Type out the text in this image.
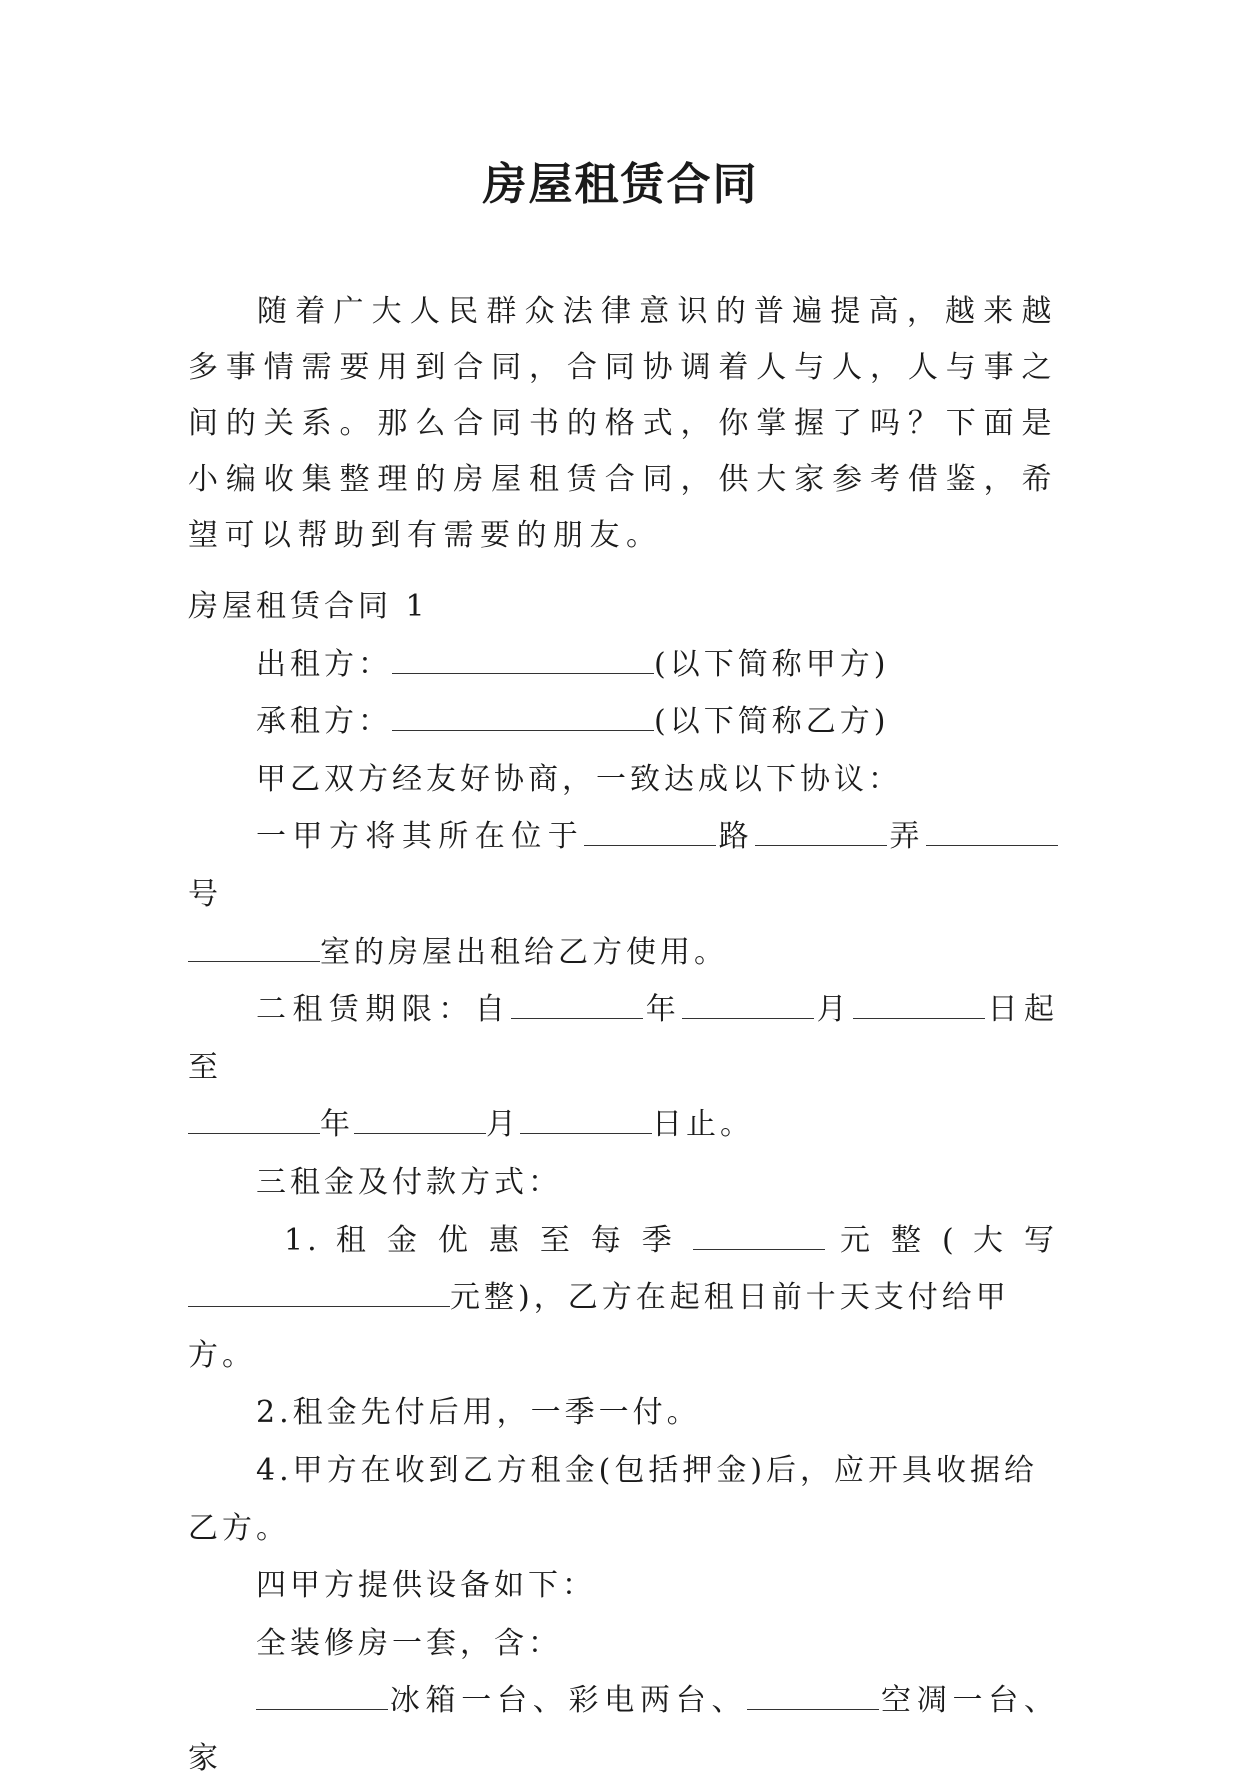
房屋租赁合同

随着广大人民群众法律意识的普遍提高，越来越多事情需要用到合同，合同协调着人与人，人与事之间的关系。那么合同书的格式，你掌握了吗？下面是小编收集整理的房屋租赁合同，供大家参考借鉴，希望可以帮助到有需要的朋友。

房屋租赁合同 1

出租方：	(以下简称甲方)

承租方：	(以下简称乙方)

甲乙双方经友好协商，一致达成以下协议：

一甲方将其所在位于	路	弄号

室的房屋出租给乙方使用。

二租赁期限：自	年	月	日起至

年	月	日止。

三租金及付款方式：

1. 租 金 优 惠 至 每 季	元 整 ( 大 写

元整)，乙方在起租日前十天支付给甲方。

2.租金先付后用，一季一付。

4.甲方在收到乙方租金(包括押金)后，应开具收据给乙方。

四甲方提供设备如下：

全装修房一套，含：

冰箱一台、彩电两台、	空凋一台、家
